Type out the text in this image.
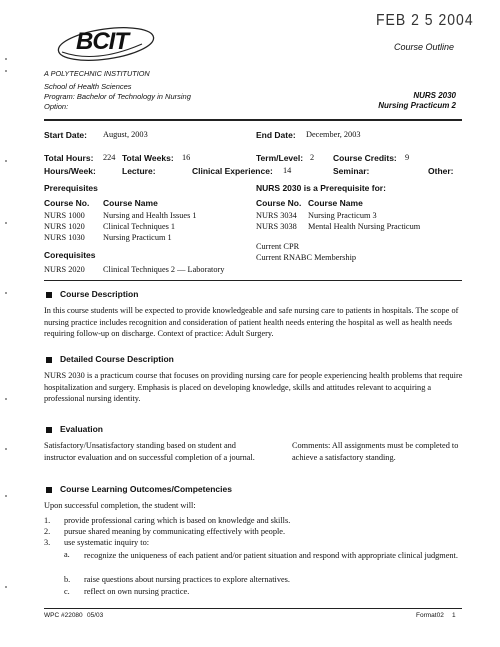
FEB 2 5 2004
Course Outline
BCIT
A POLYTECHNIC INSTITUTION
School of Health Sciences
Program: Bachelor of Technology in Nursing
Option:
NURS 2030
Nursing Practicum 2
Start Date: August, 2003	End Date: December, 2003
Total Hours: 224 Total Weeks: 16	Term/Level: 2 Course Credits: 9
Hours/Week:	Lecture:	Clinical Experience: 14	Seminar:	Other:
Prerequisites
Course No. Course Name
NURS 1000 Nursing and Health Issues 1
NURS 1020 Clinical Techniques 1
NURS 1030 Nursing Practicum 1
NURS 2030 is a Prerequisite for:
Course No. Course Name
NURS 3034 Nursing Practicum 3
NURS 3038 Mental Health Nursing Practicum
Current CPR
Current RNABC Membership
Corequisites
NURS 2020 Clinical Techniques 2 — Laboratory
Course Description
In this course students will be expected to provide knowledgeable and safe nursing care to patients in hospitals. The scope of nursing practice includes recognition and consideration of patient health needs entering the hospital as well as health needs requiring follow-up on discharge. Context of practice: Adult Surgery.
Detailed Course Description
NURS 2030 is a practicum course that focuses on providing nursing care for people experiencing health problems that require hospitalization and surgery. Emphasis is placed on developing knowledge, skills and attitudes relevant to acquiring a professional nursing identity.
Evaluation
Satisfactory/Unsatisfactory standing based on student and instructor evaluation and on successful completion of a journal.
Comments: All assignments must be completed to achieve a satisfactory standing.
Course Learning Outcomes/Competencies
Upon successful completion, the student will:
1. provide professional caring which is based on knowledge and skills.
2. pursue shared meaning by communicating effectively with people.
3. use systematic inquiry to:
a. recognize the uniqueness of each patient and/or patient situation and respond with appropriate clinical judgment.
b. raise questions about nursing practices to explore alternatives.
c. reflect on own nursing practice.
WPC #22080 05/03	Format02 1
